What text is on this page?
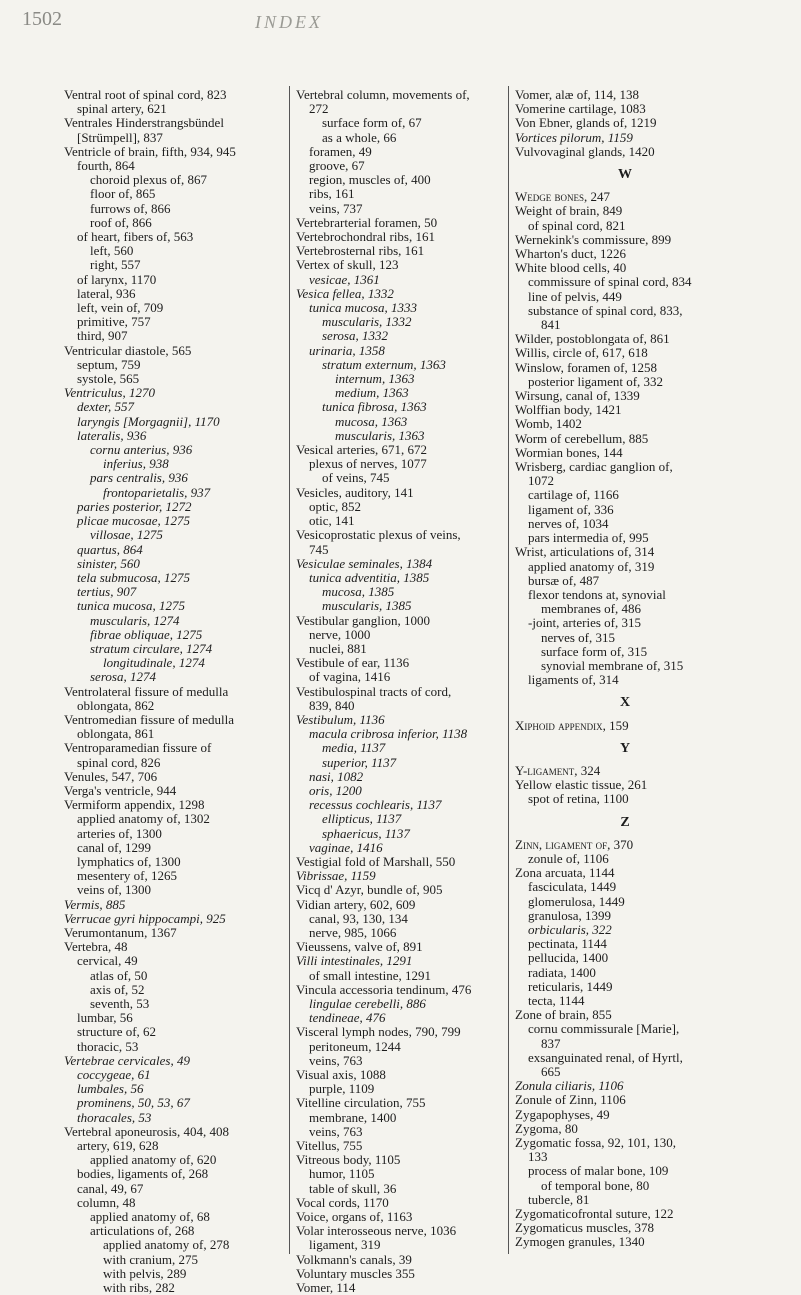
1502	INDEX
Ventral root of spinal cord, 823
spinal artery, 621
Ventrales Hinderstrangsbündel
[Strümpell], 837
Ventricle of brain, fifth, 934, 945
fourth, 864
choroid plexus of, 867
floor of, 865
furrows of, 866
roof of, 866
of heart, fibers of, 563
left, 560
right, 557
of larynx, 1170
lateral, 936
left, vein of, 709
primitive, 757
third, 907
Ventricular diastole, 565
septum, 759
systole, 565
Ventriculus, 1270
dexter, 557
laryngis [Morgagnii], 1170
lateralis, 936
cornu anterius, 936
inferius, 938
pars centralis, 936
frontoparietalis, 937
paries posterior, 1272
plicae mucosae, 1275
villosae, 1275
quartus, 864
sinister, 560
tela submucosa, 1275
tertius, 907
tunica mucosa, 1275
muscularis, 1274
fibrae obliquae, 1275
stratum circulare, 1274
longitudinale, 1274
serosa, 1274
Ventrolateral fissure of medulla
oblongata, 862
Ventromedian fissure of medulla
oblongata, 861
Ventroparamedian fissure of
spinal cord, 826
Venules, 547, 706
Verga's ventricle, 944
Vermiform appendix, 1298
applied anatomy of, 1302
arteries of, 1300
canal of, 1299
lymphatics of, 1300
mesentery of, 1265
veins of, 1300
Vermis, 885
Verrucae gyri hippocampi, 925
Verumontanum, 1367
Vertebra, 48
cervical, 49
atlas of, 50
axis of, 52
seventh, 53
lumbar, 56
structure of, 62
thoracic, 53
Vertebrae cervicales, 49
coccygeae, 61
lumbales, 56
prominens, 50, 53, 67
thoracales, 53
Vertebral aponeurosis, 404, 408
artery, 619, 628
applied anatomy of, 620
bodies, ligaments of, 268
canal, 49, 67
column, 48
applied anatomy of, 68
articulations of, 268
applied anatomy of, 278
with cranium, 275
with pelvis, 289
with ribs, 282
Vertebral column, movements of,
272
surface form of, 67
as a whole, 66
foramen, 49
groove, 67
region, muscles of, 400
ribs, 161
veins, 737
Vertebrarterial foramen, 50
Vertebrochondral ribs, 161
Vertebrosternal ribs, 161
Vertex of skull, 123
vesicae, 1361
Vesica fellea, 1332
tunica mucosa, 1333
muscularis, 1332
serosa, 1332
urinaria, 1358
stratum externum, 1363
internum, 1363
medium, 1363
tunica fibrosa, 1363
mucosa, 1363
muscularis, 1363
Vesical arteries, 671, 672
plexus of nerves, 1077
of veins, 745
Vesicles, auditory, 141
optic, 852
otic, 141
Vesicoprostatic plexus of veins,
745
Vesiculae seminales, 1384
tunica adventitia, 1385
mucosa, 1385
muscularis, 1385
Vestibular ganglion, 1000
nerve, 1000
nuclei, 881
Vestibule of ear, 1136
of vagina, 1416
Vestibulospinal tracts of cord,
839, 840
Vestibulum, 1136
macula cribrosa inferior, 1138
media, 1137
superior, 1137
nasi, 1082
oris, 1200
recessus cochlearis, 1137
ellipticus, 1137
sphaericus, 1137
vaginae, 1416
Vestigial fold of Marshall, 550
Vibrissae, 1159
Vicq d' Azyr, bundle of, 905
Vidian artery, 602, 609
canal, 93, 130, 134
nerve, 985, 1066
Vieussens, valve of, 891
Villi intestinales, 1291
of small intestine, 1291
Vincula accessoria tendinum, 476
lingulae cerebelli, 886
tendineae, 476
Visceral lymph nodes, 790, 799
peritoneum, 1244
veins, 763
Visual axis, 1088
purple, 1109
Vitelline circulation, 755
membrane, 1400
veins, 763
Vitellus, 755
Vitreous body, 1105
humor, 1105
table of skull, 36
Vocal cords, 1170
Voice, organs of, 1163
Volar interosseous nerve, 1036
ligament, 319
Volkmann's canals, 39
Voluntary muscles 355
Vomer, 114
Vomer, alæ of, 114, 138
Vomerine cartilage, 1083
Von Ebner, glands of, 1219
Vortices pilorum, 1159
Vulvovaginal glands, 1420
W
Wedge bones, 247
Weight of brain, 849
of spinal cord, 821
Wernekink's commissure, 899
Wharton's duct, 1226
White blood cells, 40
commissure of spinal cord, 834
line of pelvis, 449
substance of spinal cord, 833,
841
Wilder, postoblongata of, 861
Willis, circle of, 617, 618
Winslow, foramen of, 1258
posterior ligament of, 332
Wirsung, canal of, 1339
Wolffian body, 1421
Womb, 1402
Worm of cerebellum, 885
Wormian bones, 144
Wrisberg, cardiac ganglion of,
1072
cartilage of, 1166
ligament of, 336
nerves of, 1034
pars intermedia of, 995
Wrist, articulations of, 314
applied anatomy of, 319
bursæ of, 487
flexor tendons at, synovial
membranes of, 486
-joint, arteries of, 315
nerves of, 315
surface form of, 315
synovial membrane of, 315
ligaments of, 314
X
Xiphoid appendix, 159
Y
Y-ligament, 324
Yellow elastic tissue, 261
spot of retina, 1100
Z
Zinn, ligament of, 370
zonule of, 1106
Zona arcuata, 1144
fasciculata, 1449
glomerulosa, 1449
granulosa, 1399
orbicularis, 322
pectinata, 1144
pellucida, 1400
radiata, 1400
reticularis, 1449
tecta, 1144
Zone of brain, 855
cornu commissurale [Marie],
837
exsanguinated renal, of Hyrtl,
665
Zonula ciliaris, 1106
Zonule of Zinn, 1106
Zygapophyses, 49
Zygoma, 80
Zygomatic fossa, 92, 101, 130,
133
process of malar bone, 109
of temporal bone, 80
tubercle, 81
Zygomaticofrontal suture, 122
Zygomaticus muscles, 378
Zymogen granules, 1340
